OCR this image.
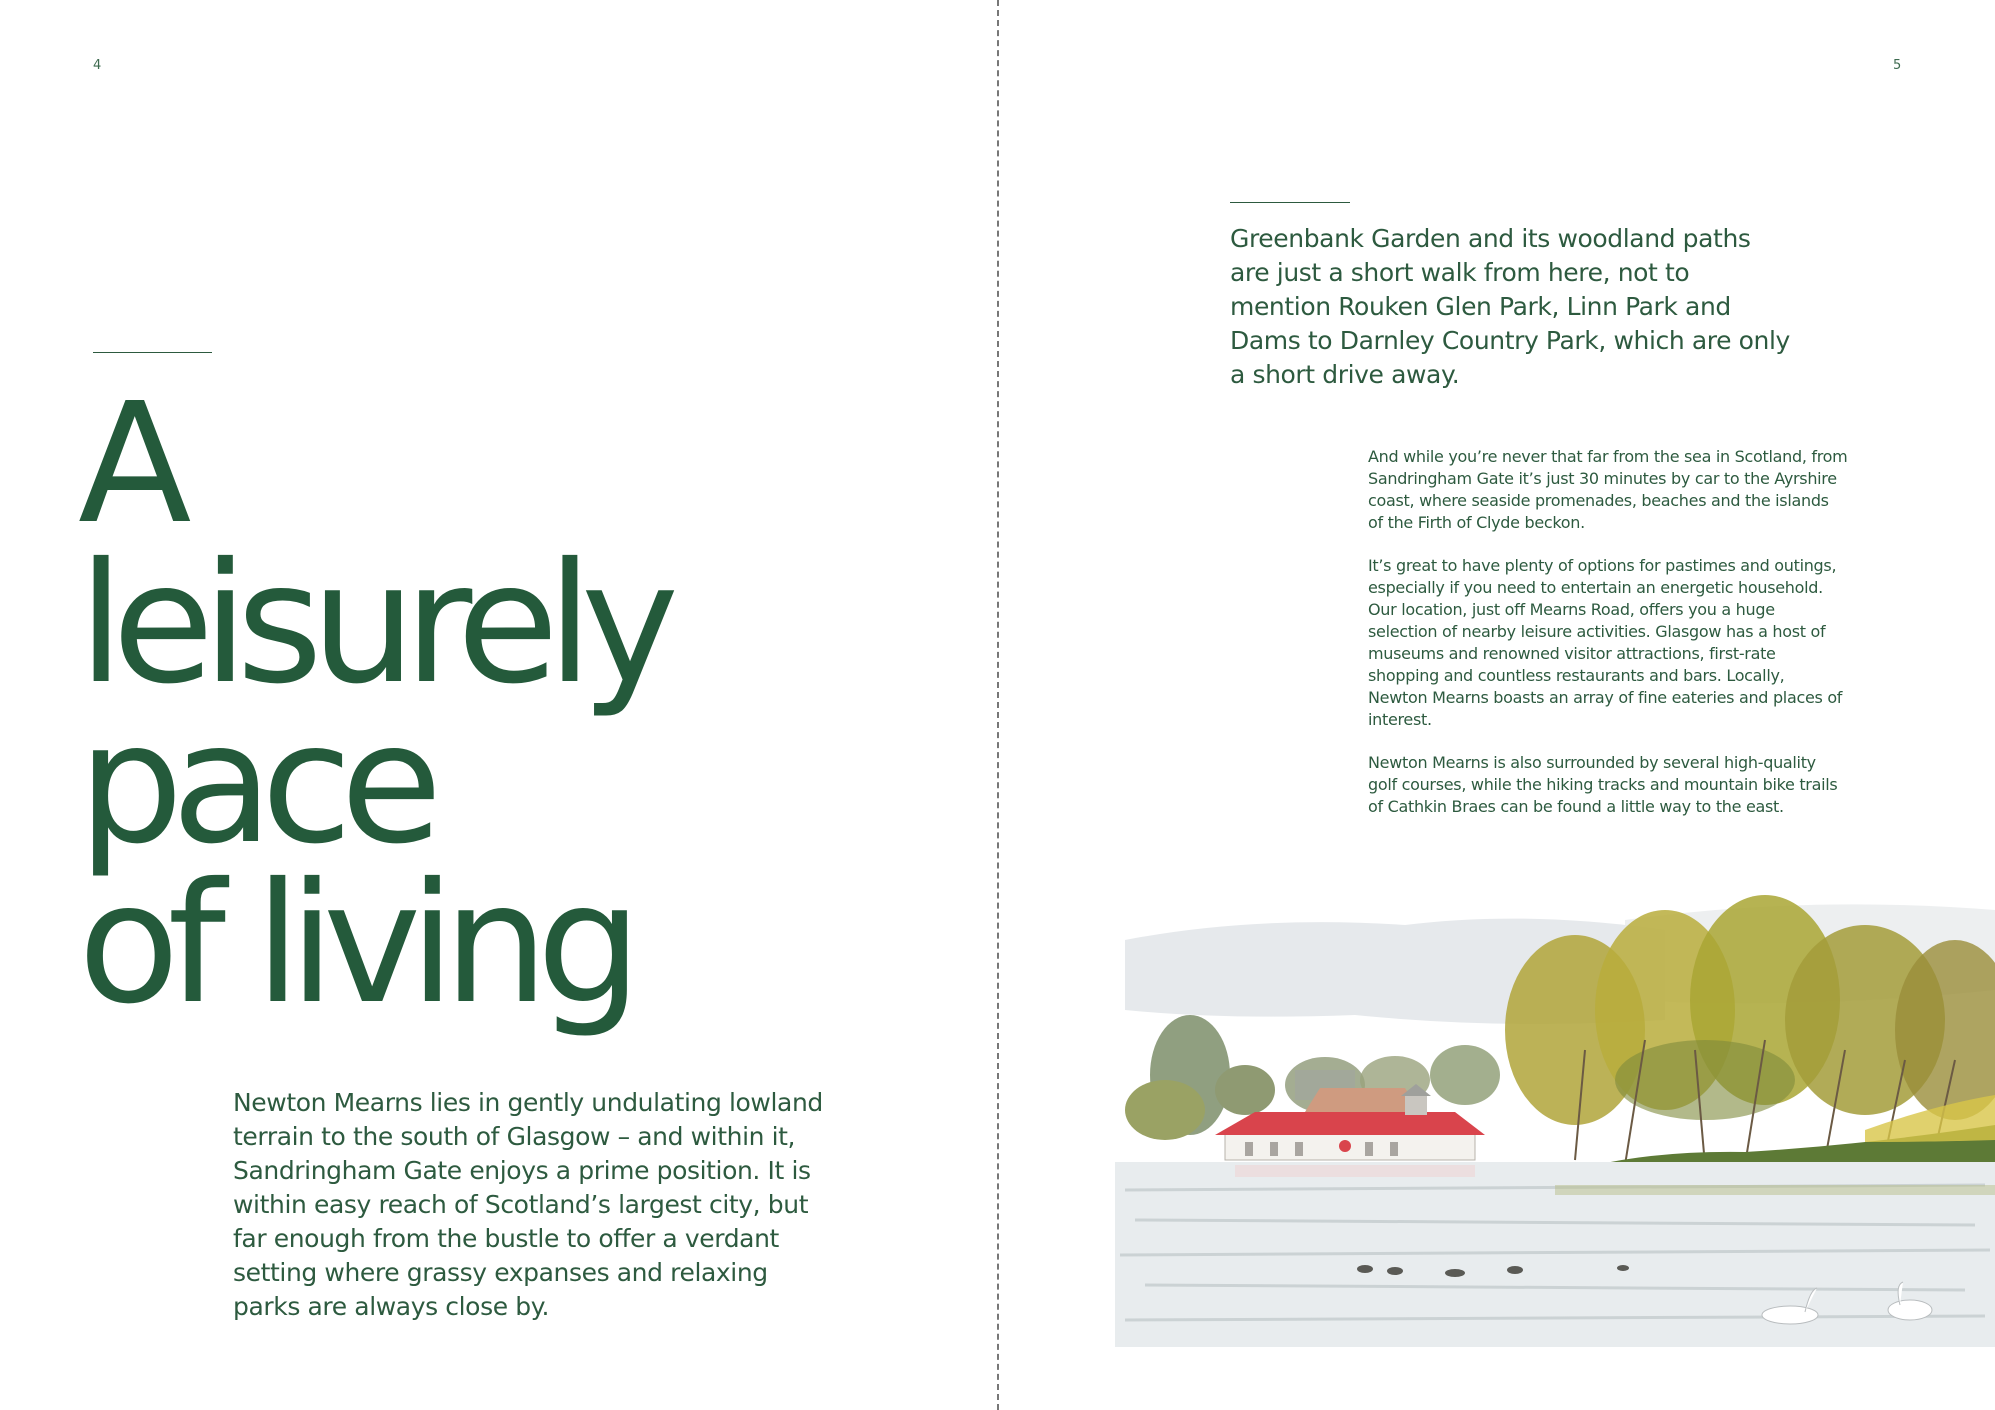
4
A
leisurely
pace
of living

Newton Mearns lies in gently undulating lowland terrain to the south of Glasgow – and within it, Sandringham Gate enjoys a prime position. It is within easy reach of Scotland’s largest city, but far enough from the bustle to offer a verdant setting where grassy expanses and relaxing parks are always close by.

5

Greenbank Garden and its woodland paths are just a short walk from here, not to mention Rouken Glen Park, Linn Park and Dams to Darnley Country Park, which are only a short drive away.

And while you’re never that far from the sea in Scotland, from Sandringham Gate it’s just 30 minutes by car to the Ayrshire coast, where seaside promenades, beaches and the islands of the Firth of Clyde beckon.

It’s great to have plenty of options for pastimes and outings, especially if you need to entertain an energetic household. Our location, just off Mearns Road, offers you a huge selection of nearby leisure activities. Glasgow has a host of museums and renowned visitor attractions, first-rate shopping and countless restaurants and bars. Locally, Newton Mearns boasts an array of fine eateries and places of interest.

Newton Mearns is also surrounded by several high-quality golf courses, while the hiking tracks and mountain bike trails of Cathkin Braes can be found a little way to the east.
